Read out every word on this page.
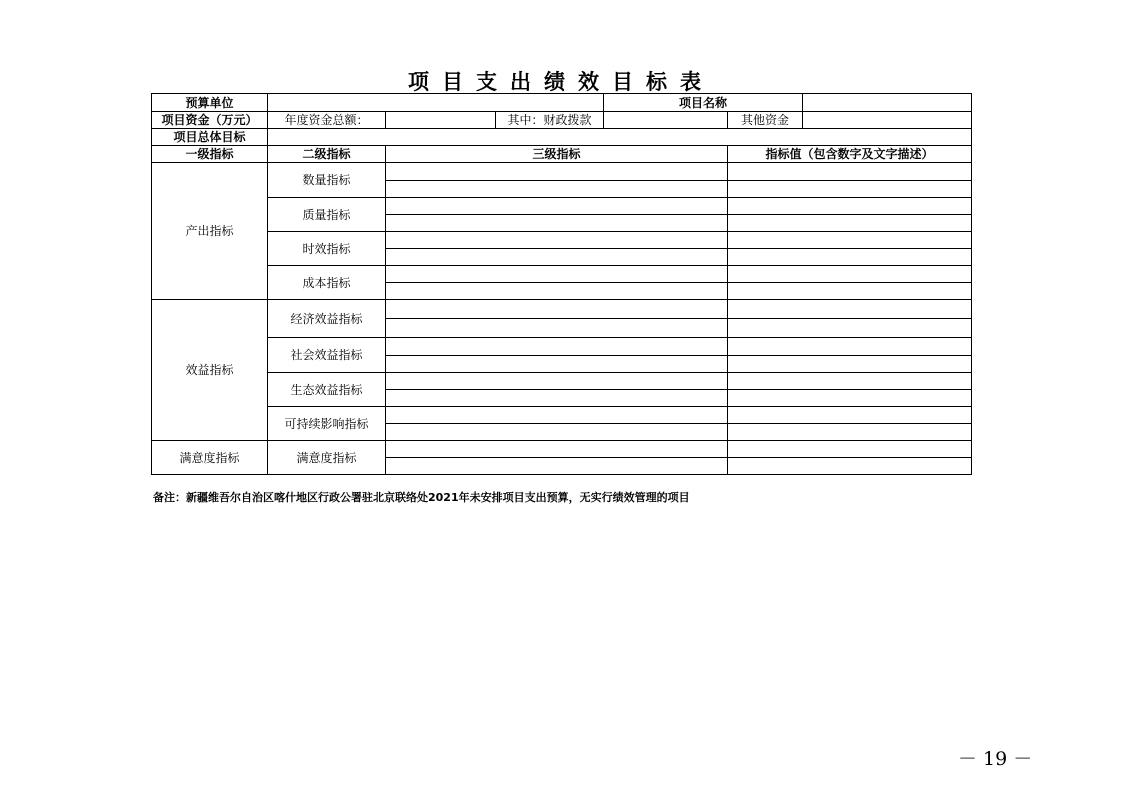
项目支出绩效目标表
预算单位				项目名称		
项目资金（万元）	年度资金总额：		其中：财政拨款		其他资金	
项目总体目标						
一级指标	二级指标	三级指标			指标值（包含数字及文字描述）	
产出指标	数量指标					

	质量指标					

	时效指标					

	成本指标					

效益指标	经济效益指标					

	社会效益指标					

	生态效益指标					

	可持续影响指标					

满意度指标	满意度指标					

备注：新疆维吾尔自治区喀什地区行政公署驻北京联络处2021年未安排项目支出预算，无实行绩效管理的项目
－ 19 －
